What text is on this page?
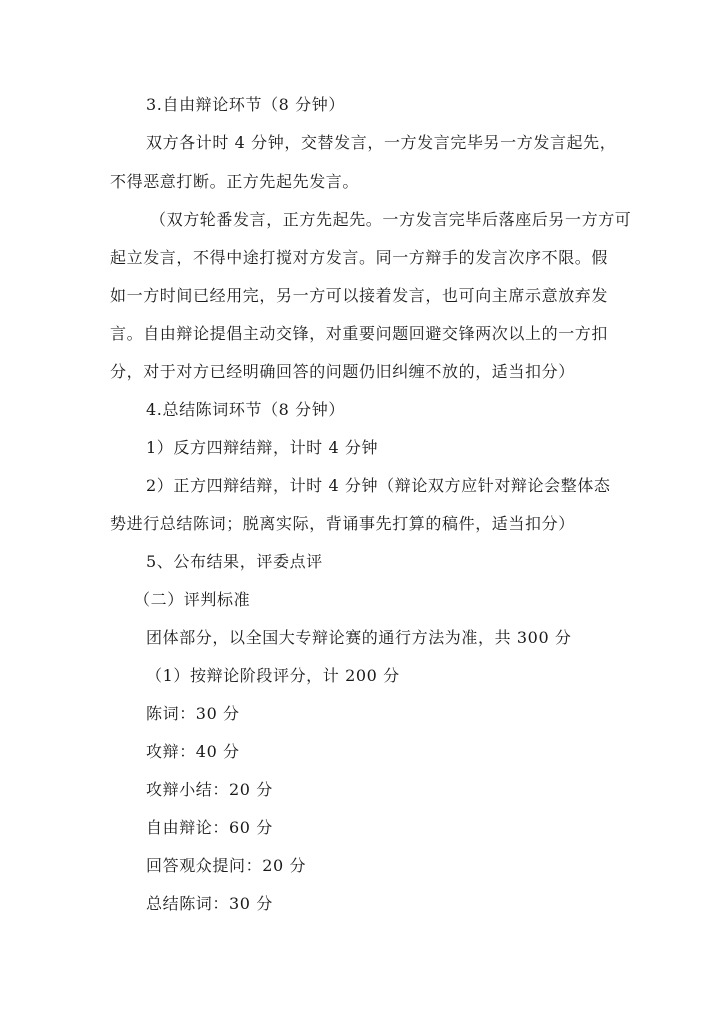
3.自由辩论环节（8 分钟）
双方各计时 4 分钟，交替发言，一方发言完毕另一方发言起先，
不得恶意打断。正方先起先发言。
（双方轮番发言，正方先起先。一方发言完毕后落座后另一方方可
起立发言，不得中途打搅对方发言。同一方辩手的发言次序不限。假
如一方时间已经用完，另一方可以接着发言，也可向主席示意放弃发
言。自由辩论提倡主动交锋，对重要问题回避交锋两次以上的一方扣
分，对于对方已经明确回答的问题仍旧纠缠不放的，适当扣分）
4.总结陈词环节（8 分钟）
1）反方四辩结辩，计时 4 分钟
2）正方四辩结辩，计时 4 分钟（辩论双方应针对辩论会整体态
势进行总结陈词；脱离实际，背诵事先打算的稿件，适当扣分）
5、公布结果，评委点评
（二）评判标准
团体部分，以全国大专辩论赛的通行方法为准，共 300 分
（1）按辩论阶段评分，计 200 分
陈词：30 分
攻辩：40 分
攻辩小结：20 分
自由辩论：60 分
回答观众提问：20 分
总结陈词：30 分
